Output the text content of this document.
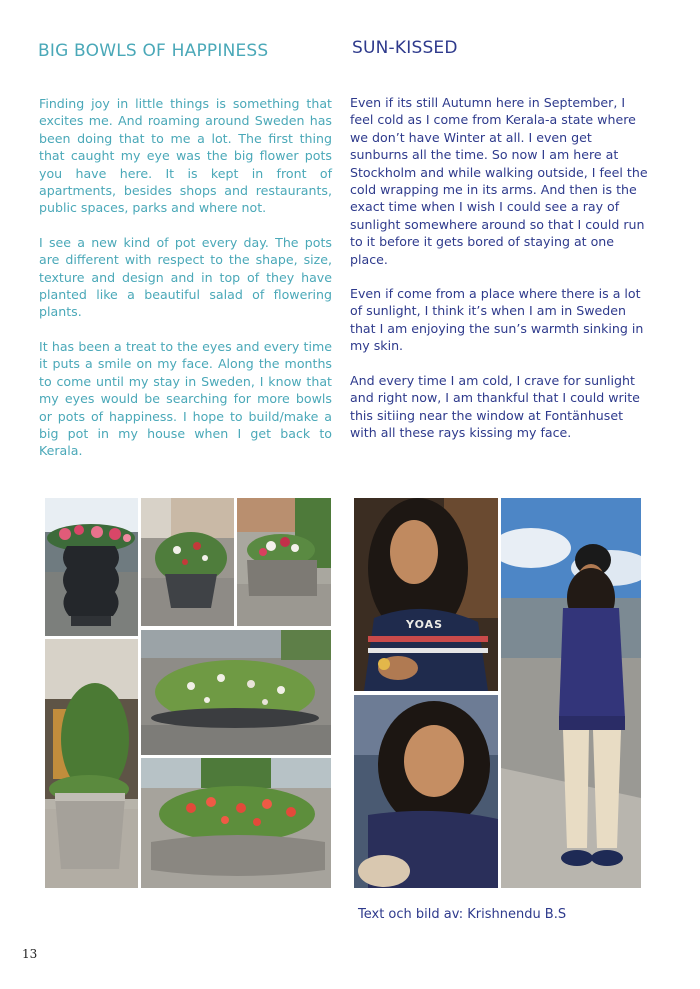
BIG BOWLS OF HAPPINESS	SUN-KISSED

Finding joy in little things is something that excites me. And roaming around Sweden has been doing that to me a lot. The first thing that caught my eye was the big flower pots you have here. It is kept in front of apartments, besides shops and restaurants, public spaces, parks and where not.

I see a new kind of pot every day. The pots are different with respect to the shape, size, texture and design and in top of they have planted like a beautiful salad of flowering plants.

It has been a treat to the eyes and every time it puts a smile on my face. Along the months to come until my stay in Sweden, I know that my eyes would be searching for more bowls or pots of happiness. I hope to build/make a big pot in my house when I get back to Kerala.

Even if its still Autumn here in September, I feel cold as I come from Kerala-a state where we don’t have Winter at all. I even get sunburns all the time. So now I am here at Stockholm and while walking outside, I feel the cold wrapping me in its arms. And then is the exact time when I wish I could see a ray of sunlight somewhere around so that I could run to it before it gets bored of staying at one place.

Even if come from a place where there is a lot of sunlight, I think it’s when I am in Sweden that I am enjoying the sun’s warmth sinking in my skin.

And every time I am cold, I crave for sunlight and right now, I am thankful that I could write this sitiing near the window at Fontänhuset with all these rays kissing my face.

YOAS
Text och bild av: Krishnendu B.S
13
